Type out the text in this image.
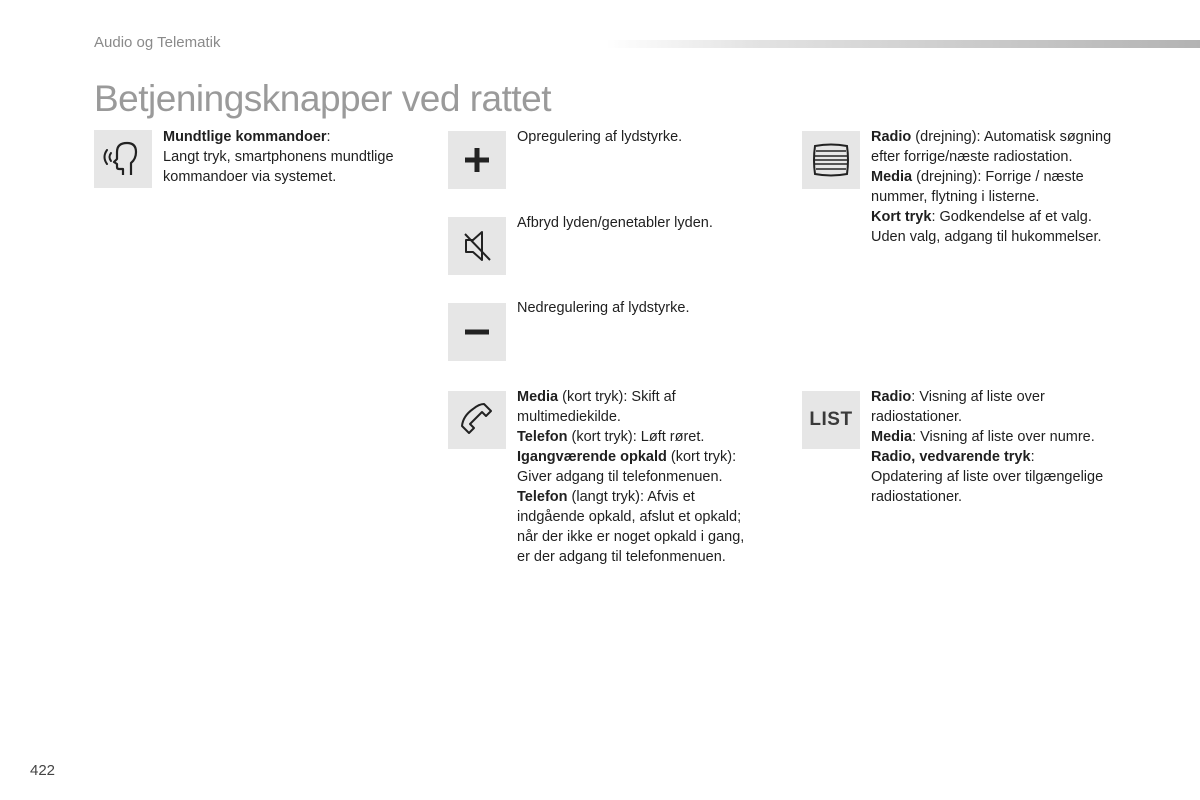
Audio og Telematik
Betjeningsknapper ved rattet
Mundtlige kommandoer:
Langt tryk, smartphonens mundtlige
kommandoer via systemet.
Opregulering af lydstyrke.
Afbryd lyden/genetabler lyden.
Nedregulering af lydstyrke.
Media (kort tryk): Skift af
multimediekilde.
Telefon (kort tryk): Løft røret.
Igangværende opkald (kort tryk):
Giver adgang til telefonmenuen.
Telefon (langt tryk): Afvis et
indgående opkald, afslut et opkald;
når der ikke er noget opkald i gang,
er der adgang til telefonmenuen.
Radio (drejning): Automatisk søgning
efter forrige/næste radiostation.
Media (drejning): Forrige / næste
nummer, flytning i listerne.
Kort tryk: Godkendelse af et valg.
Uden valg, adgang til hukommelser.
LIST
Radio: Visning af liste over
radiostationer.
Media: Visning af liste over numre.
Radio, vedvarende tryk:
Opdatering af liste over tilgængelige
radiostationer.
422
